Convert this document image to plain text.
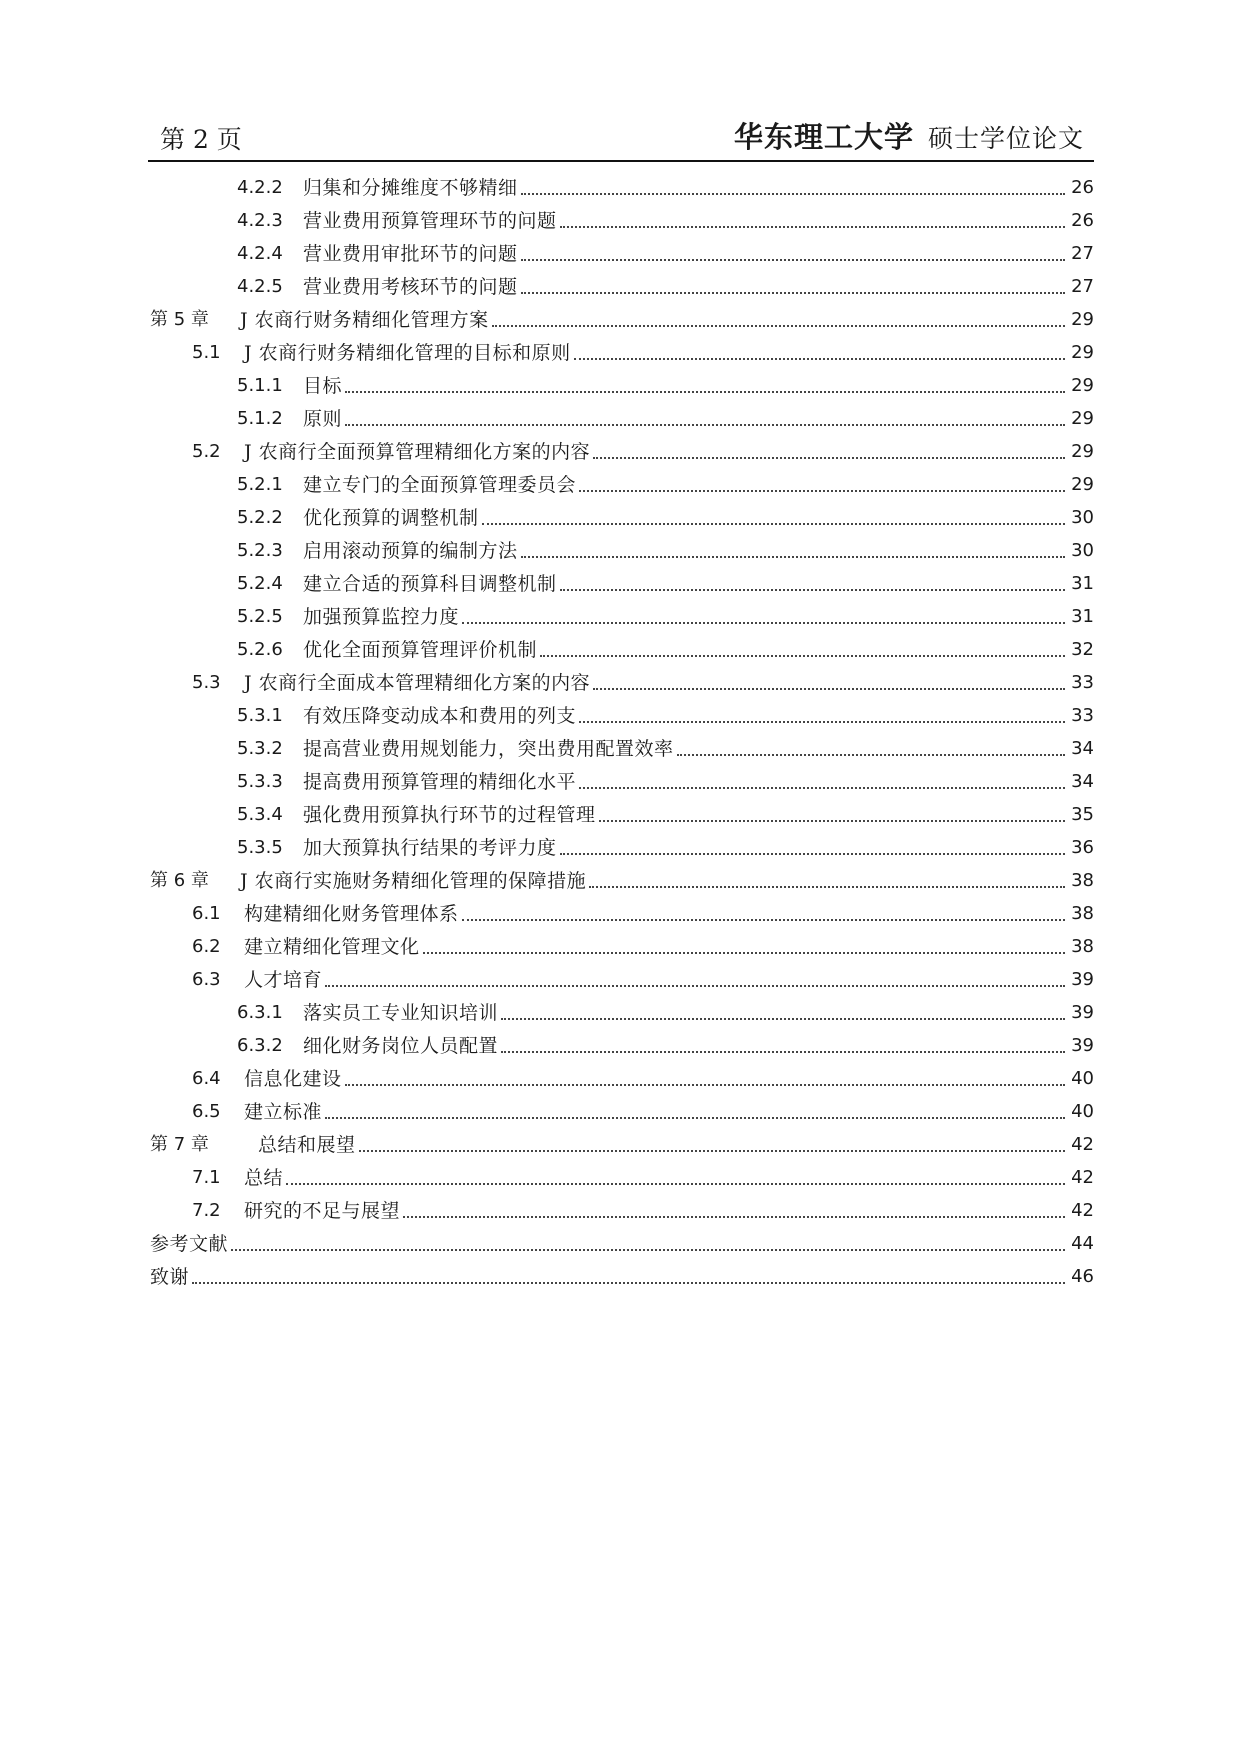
第 2 页	华东理工大学 硕士学位论文
4.2.2	归集和分摊维度不够精细	26
4.2.3	营业费用预算管理环节的问题	26
4.2.4	营业费用审批环节的问题	27
4.2.5	营业费用考核环节的问题	27
第 5 章	J 农商行财务精细化管理方案	29
5.1	J 农商行财务精细化管理的目标和原则	29
5.1.1	目标	29
5.1.2	原则	29
5.2	J 农商行全面预算管理精细化方案的内容	29
5.2.1	建立专门的全面预算管理委员会	29
5.2.2	优化预算的调整机制	30
5.2.3	启用滚动预算的编制方法	30
5.2.4	建立合适的预算科目调整机制	31
5.2.5	加强预算监控力度	31
5.2.6	优化全面预算管理评价机制	32
5.3	J 农商行全面成本管理精细化方案的内容	33
5.3.1	有效压降变动成本和费用的列支	33
5.3.2	提高营业费用规划能力，突出费用配置效率	34
5.3.3	提高费用预算管理的精细化水平	34
5.3.4	强化费用预算执行环节的过程管理	35
5.3.5	加大预算执行结果的考评力度	36
第 6 章	J 农商行实施财务精细化管理的保障措施	38
6.1	构建精细化财务管理体系	38
6.2	建立精细化管理文化	38
6.3	人才培育	39
6.3.1	落实员工专业知识培训	39
6.3.2	细化财务岗位人员配置	39
6.4	信息化建设	40
6.5	建立标准	40
第 7 章	总结和展望	42
7.1	总结	42
7.2	研究的不足与展望	42
参考文献	44
致谢	46
